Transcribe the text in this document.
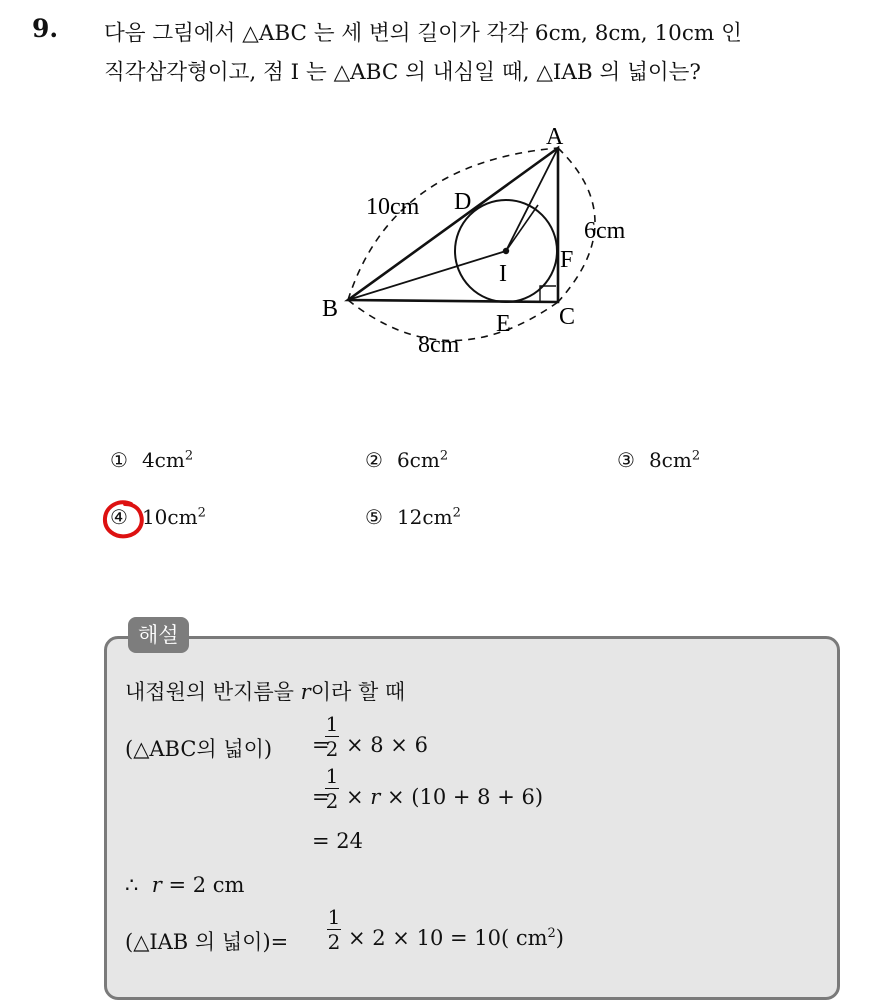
9. 다음 그림에서 △ABC 는 세 변의 길이가 각각 6cm, 8cm, 10cm 인
직각삼각형이고, 점 I 는 △ABC 의 내심일 때, △IAB 의 넓이는?
A
B	C
D
E
F
I
10cm
6cm
8cm
① $4cm^2$	② $6cm^2$	③ $8cm^2$
④ $10cm^2$	⑤ $12cm^2$
해설
내접원의 반지름을 r이라 할 때
(△ABC의 넓이) =
1
2 × 8 × 6
=
1
2 × r × (10 + 8 + 6)
= 24
∴ r = 2 cm
(△IAB 의 넓이)=
1
2 × 2 × 10 = 10( $cm^2$)
